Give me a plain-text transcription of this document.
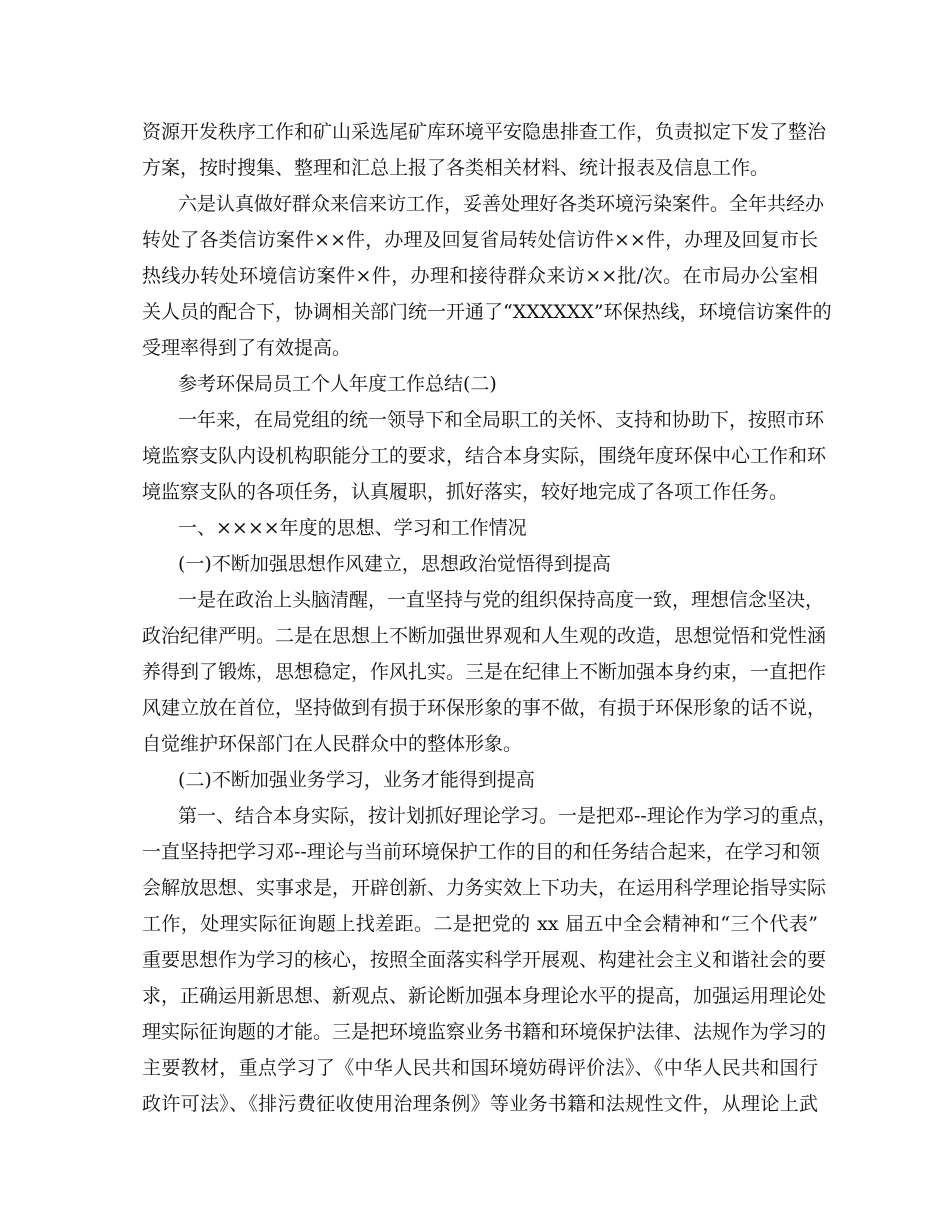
资源开发秩序工作和矿山采选尾矿库环境平安隐患排查工作，负责拟定下发了整治
方案，按时搜集、整理和汇总上报了各类相关材料、统计报表及信息工作。
六是认真做好群众来信来访工作，妥善处理好各类环境污染案件。全年共经办
转处了各类信访案件××件，办理及回复省局转处信访件××件，办理及回复市长
热线办转处环境信访案件×件，办理和接待群众来访××批/次。在市局办公室相
关人员的配合下，协调相关部门统一开通了“XXXXXX”环保热线，环境信访案件的
受理率得到了有效提高。
参考环保局员工个人年度工作总结(二)
一年来，在局党组的统一领导下和全局职工的关怀、支持和协助下，按照市环
境监察支队内设机构职能分工的要求，结合本身实际，围绕年度环保中心工作和环
境监察支队的各项任务，认真履职，抓好落实，较好地完成了各项工作任务。
一、××××年度的思想、学习和工作情况
(一)不断加强思想作风建立，思想政治觉悟得到提高
一是在政治上头脑清醒，一直坚持与党的组织保持高度一致，理想信念坚决，
政治纪律严明。二是在思想上不断加强世界观和人生观的改造，思想觉悟和党性涵
养得到了锻炼，思想稳定，作风扎实。三是在纪律上不断加强本身约束，一直把作
风建立放在首位，坚持做到有损于环保形象的事不做，有损于环保形象的话不说，
自觉维护环保部门在人民群众中的整体形象。
(二)不断加强业务学习，业务才能得到提高
第一、结合本身实际，按计划抓好理论学习。一是把邓--理论作为学习的重点，
一直坚持把学习邓--理论与当前环境保护工作的目的和任务结合起来，在学习和领
会解放思想、实事求是，开辟创新、力务实效上下功夫，在运用科学理论指导实际
工作，处理实际征询题上找差距。二是把党的 xx 届五中全会精神和“三个代表”
重要思想作为学习的核心，按照全面落实科学开展观、构建社会主义和谐社会的要
求，正确运用新思想、新观点、新论断加强本身理论水平的提高，加强运用理论处
理实际征询题的才能。三是把环境监察业务书籍和环境保护法律、法规作为学习的
主要教材，重点学习了《中华人民共和国环境妨碍评价法》、《中华人民共和国行
政许可法》、《排污费征收使用治理条例》等业务书籍和法规性文件，从理论上武
